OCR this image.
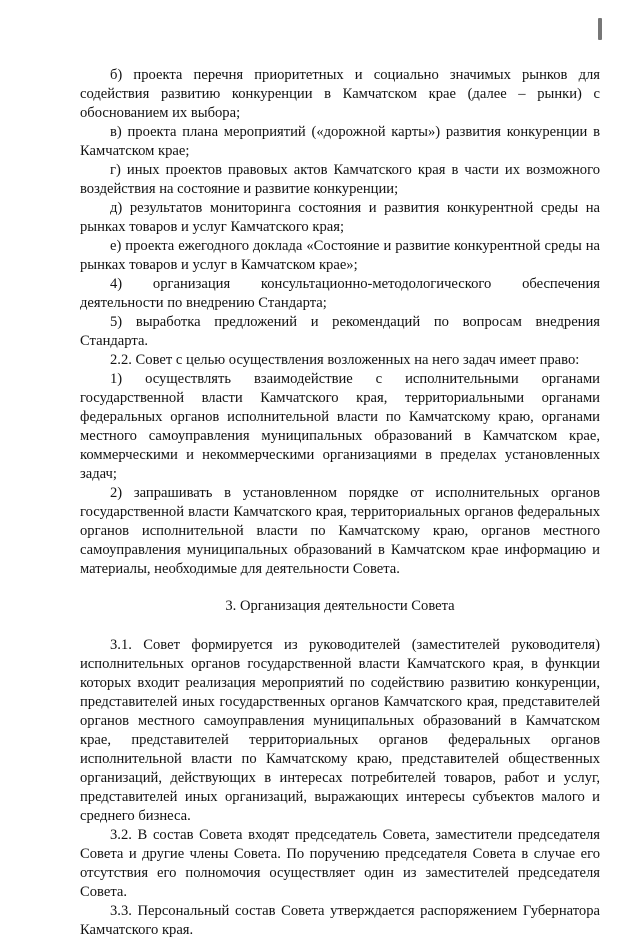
б) проекта перечня приоритетных и социально значимых рынков для содействия развитию конкуренции в Камчатском крае (далее – рынки) с обоснованием их выбора;

в) проекта плана мероприятий («дорожной карты») развития конкуренции в Камчатском крае;

г) иных проектов правовых актов Камчатского края в части их возможного воздействия на состояние и развитие конкуренции;

д) результатов мониторинга состояния и развития конкурентной среды на рынках товаров и услуг Камчатского края;

е) проекта ежегодного доклада «Состояние и развитие конкурентной среды на рынках товаров и услуг в Камчатском крае»;

4) организация консультационно-методологического обеспечения деятельности по внедрению Стандарта;

5) выработка предложений и рекомендаций по вопросам внедрения Стандарта.

2.2. Совет с целью осуществления возложенных на него задач имеет право:

1) осуществлять взаимодействие с исполнительными органами государственной власти Камчатского края, территориальными органами федеральных органов исполнительной власти по Камчатскому краю, органами местного самоуправления муниципальных образований в Камчатском крае, коммерческими и некоммерческими организациями в пределах установленных задач;

2) запрашивать в установленном порядке от исполнительных органов государственной власти Камчатского края, территориальных органов федеральных органов исполнительной власти по Камчатскому краю, органов местного самоуправления муниципальных образований в Камчатском крае информацию и материалы, необходимые для деятельности Совета.

3. Организация деятельности Совета

3.1. Совет формируется из руководителей (заместителей руководителя) исполнительных органов государственной власти Камчатского края, в функции которых входит реализация мероприятий по содействию развитию конкуренции, представителей иных государственных органов Камчатского края, представителей органов местного самоуправления муниципальных образований в Камчатском крае, представителей территориальных органов федеральных органов исполнительной власти по Камчатскому краю, представителей общественных организаций, действующих в интересах потребителей товаров, работ и услуг, представителей иных организаций, выражающих интересы субъектов малого и среднего бизнеса.

3.2. В состав Совета входят председатель Совета, заместители председателя Совета и другие члены Совета. По поручению председателя Совета в случае его отсутствия его полномочия осуществляет один из заместителей председателя Совета.

3.3. Персональный состав Совета утверждается распоряжением Губернатора Камчатского края.
